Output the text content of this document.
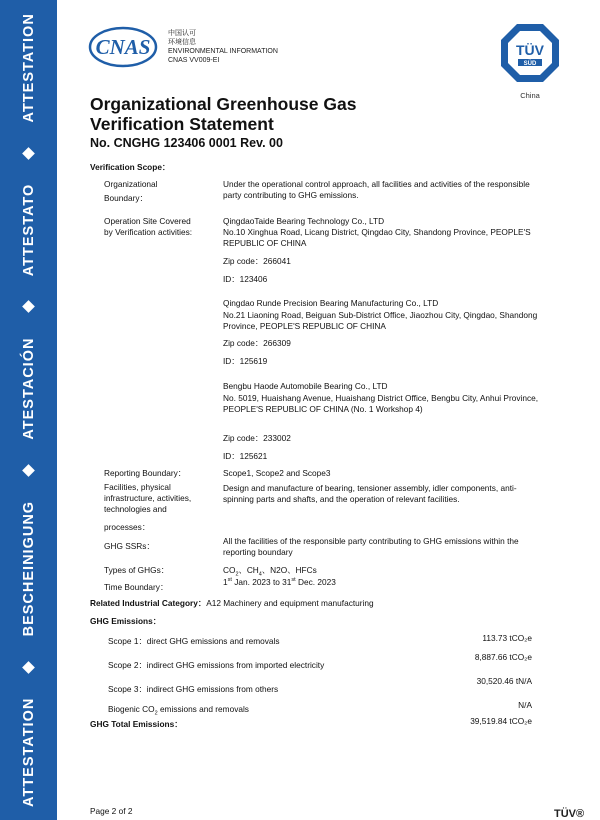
ATTESTATION
BESCHEINIGUNG
ATESTACIÓN
ATTESTATO
ATTESTATION	CNAS
中国认可
环境信息
ENVIRONMENTAL INFORMATION
CNAS VV009-EI
TÜV
SÜD
China
Organizational Greenhouse Gas
Verification Statement
No. CNGHG 123406 0001 Rev. 00
Verification Scope：
Organizational
Boundary：
Under the operational control approach, all facilities and activities of the responsible party contributing to GHG emissions.
Operation Site Covered
by Verification activities:
QingdaoTaide Bearing Technology Co., LTD
No.10 Xinghua Road, Licang District, Qingdao City, Shandong Province, PEOPLE'S REPUBLIC OF CHINA
Zip code：266041
ID：123406
Qingdao Runde Precision Bearing Manufacturing Co., LTD
No.21 Liaoning Road, Beiguan Sub-District Office, Jiaozhou City, Qingdao, Shandong Province, PEOPLE'S REPUBLIC OF CHINA
Zip code：266309
ID：125619
Bengbu Haode Automobile Bearing Co., LTD
No. 5019, Huaishang Avenue, Huaishang District Office, Bengbu City, Anhui Province, PEOPLE'S REPUBLIC OF CHINA (No. 1 Workshop 4)
Zip code：233002
ID：125621
Reporting Boundary：	Scope1, Scope2 and Scope3
Facilities, physical
infrastructure, activities,
technologies and
processes：
Design and manufacture of bearing, tensioner assembly, idler components, anti-spinning parts and shafts, and the operation of relevant facilities.
GHG SSRs：	All the facilities of the responsible party contributing to GHG emissions within the reporting boundary
Types of GHGs：	$CO_2$、$CH_4$、N2O、HFCs
Time Boundary：	1st Jan. 2023 to 31st Dec. 2023
Related Industrial Category：A12 Machinery and equipment manufacturing
GHG Emissions：
Scope 1：direct GHG emissions and removals	113.73 tCO₂e
Scope 2：indirect GHG emissions from imported electricity
8,887.66 tCO₂e
Scope 3：indirect GHG emissions from others
30,520.46 tN/A
Biogenic $CO_2$ emissions and removals	N/A
GHG Total Emissions：	39,519.84 tCO₂e
Page 2 of 2	TÜV®
